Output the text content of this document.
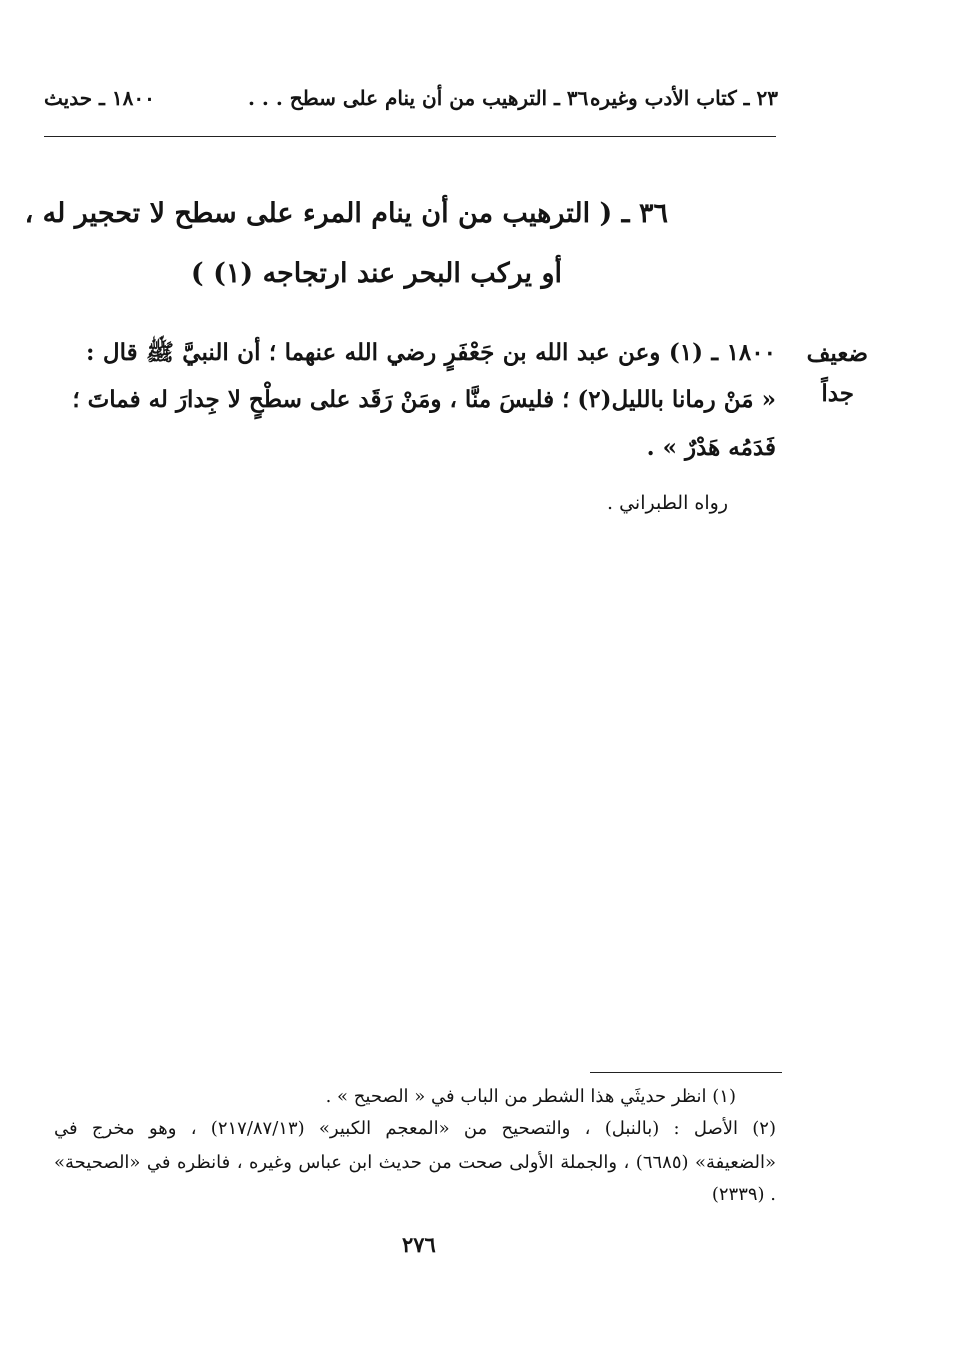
٢٣ ـ كتاب الأدب وغيره
٣٦ ـ الترهيب من أن ينام على سطح . . .
١٨٠٠ ـ حديث
٣٦ ـ ( الترهيب من أن ينام المرء على سطح لا تحجير له ،
أو يركب البحر عند ارتجاجه (١) )
ضعيف
جداً
١٨٠٠ ـ (١) وعن عبد الله بن جَعْفَرٍ رضي الله عنهما ؛ أن النبيَّ ﷺ قال :
« مَنْ رمانا بالليل(٢) ؛ فليسَ منَّا ، ومَنْ رَقَد على سطْحٍ لا جِدارَ له فماتَ ؛
فَدَمُه هَدْرٌ » .
رواه الطبراني .
(١) انظر حديثَي هذا الشطر من الباب في « الصحيح » .
(٢) الأصل : (بالنبل) ، والتصحيح من «المعجم الكبير» (٢١٧/٨٧/١٣) ، وهو مخرج في
«الضعيفة» (٦٦٨٥) ، والجملة الأولى صحت من حديث ابن عباس وغيره ، فانظره في «الصحيحة»
(٢٣٣٩) .
٢٧٦
